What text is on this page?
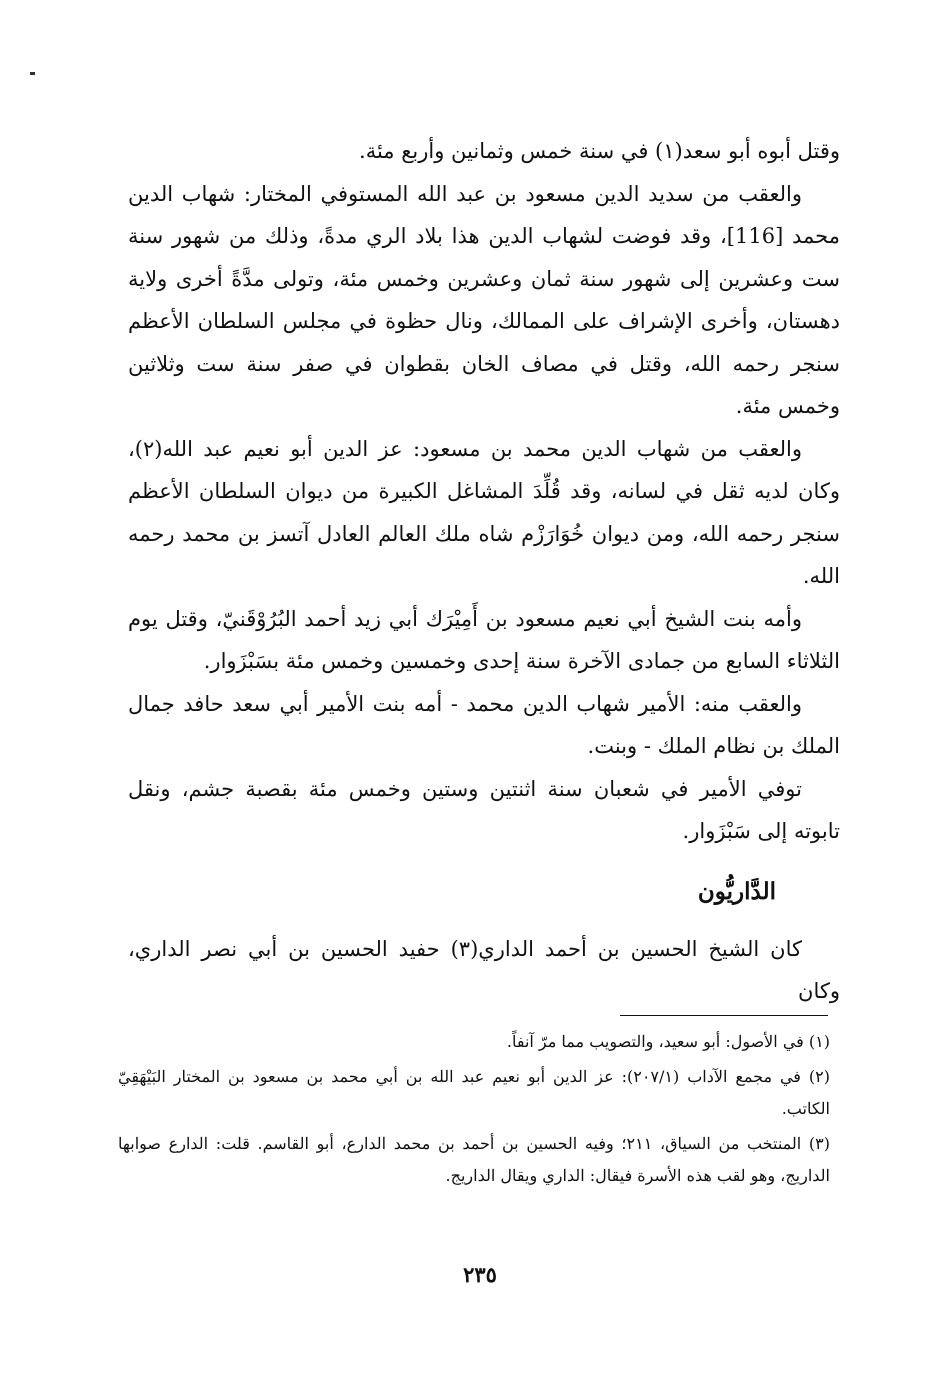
وقتل أبوه أبو سعد(١) في سنة خمس وثمانين وأربع مئة.

والعقب من سديد الدين مسعود بن عبد الله المستوفي المختار: شهاب الدين محمد [116]، وقد فوضت لشهاب الدين هذا بلاد الري مدةً، وذلك من شهور سنة ست وعشرين إلى شهور سنة ثمان وعشرين وخمس مئة، وتولى مدَّةً أخرى ولاية دهستان، وأخرى الإشراف على الممالك، ونال حظوة في مجلس السلطان الأعظم سنجر رحمه الله، وقتل في مصاف الخان بقطوان في صفر سنة ست وثلاثين وخمس مئة.

والعقب من شهاب الدين محمد بن مسعود: عز الدين أبو نعيم عبد الله(٢)، وكان لديه ثقل في لسانه، وقد قُلِّدَ المشاغل الكبيرة من ديوان السلطان الأعظم سنجر رحمه الله، ومن ديوان خُوَارَزْم شاه ملك العالم العادل آتسز بن محمد رحمه الله.

وأمه بنت الشيخ أبي نعيم مسعود بن أَمِيْرَك أبي زيد أحمد البُرُوْقَنيّ، وقتل يوم الثلاثاء السابع من جمادى الآخرة سنة إحدى وخمسين وخمس مئة بسَبْزَوار.

والعقب منه: الأمير شهاب الدين محمد - أمه بنت الأمير أبي سعد حافد جمال الملك بن نظام الملك - وبنت.

توفي الأمير في شعبان سنة اثنتين وستين وخمس مئة بقصبة جشم، ونقل تابوته إلى سَبْزَوار.

الدَّاريُّون
كان الشيخ الحسين بن أحمد الداري(٣) حفيد الحسين بن أبي نصر الداري، وكان

(١) في الأصول: أبو سعيد، والتصويب مما مرّ آنفاً.

(٢) في مجمع الآداب (٢٠٧/١): عز الدين أبو نعيم عبد الله بن أبي محمد بن مسعود بن المختار البَيْهَقِيّ الكاتب.

(٣) المنتخب من السياق، ٢١١؛ وفيه الحسين بن أحمد بن محمد الدارع، أبو القاسم. قلت: الدارع صوابها الداريج، وهو لقب هذه الأسرة فيقال: الداري ويقال الداريج.

٢٣٥
